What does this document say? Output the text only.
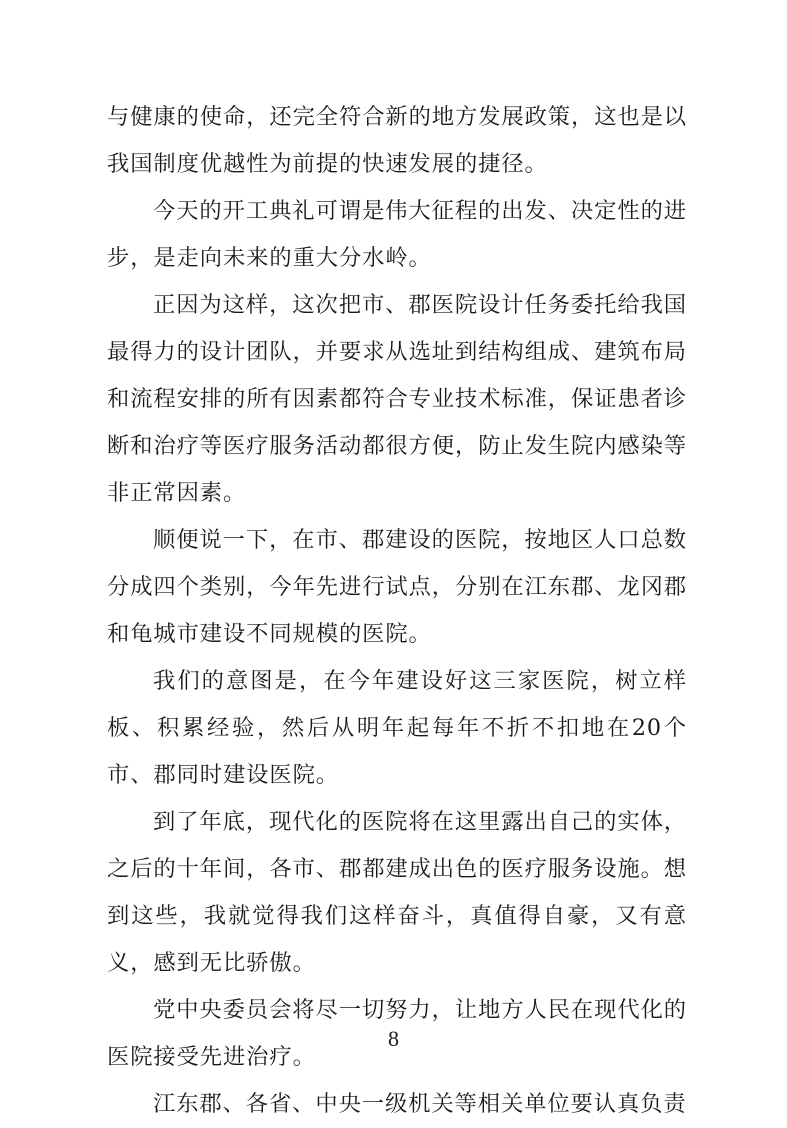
与健康的使命，还完全符合新的地方发展政策，这也是以我国制度优越性为前提的快速发展的捷径。

今天的开工典礼可谓是伟大征程的出发、决定性的进步，是走向未来的重大分水岭。

正因为这样，这次把市、郡医院设计任务委托给我国最得力的设计团队，并要求从选址到结构组成、建筑布局和流程安排的所有因素都符合专业技术标准，保证患者诊断和治疗等医疗服务活动都很方便，防止发生院内感染等非正常因素。

顺便说一下，在市、郡建设的医院，按地区人口总数分成四个类别，今年先进行试点，分别在江东郡、龙冈郡和龟城市建设不同规模的医院。

我们的意图是，在今年建设好这三家医院，树立样板、积累经验，然后从明年起每年不折不扣地在20个市、郡同时建设医院。

到了年底，现代化的医院将在这里露出自己的实体，之后的十年间，各市、郡都建成出色的医疗服务设施。想到这些，我就觉得我们这样奋斗，真值得自豪，又有意义，感到无比骄傲。

党中央委员会将尽一切努力，让地方人民在现代化的医院接受先进治疗。

江东郡、各省、中央一级机关等相关单位要认真负责

8
